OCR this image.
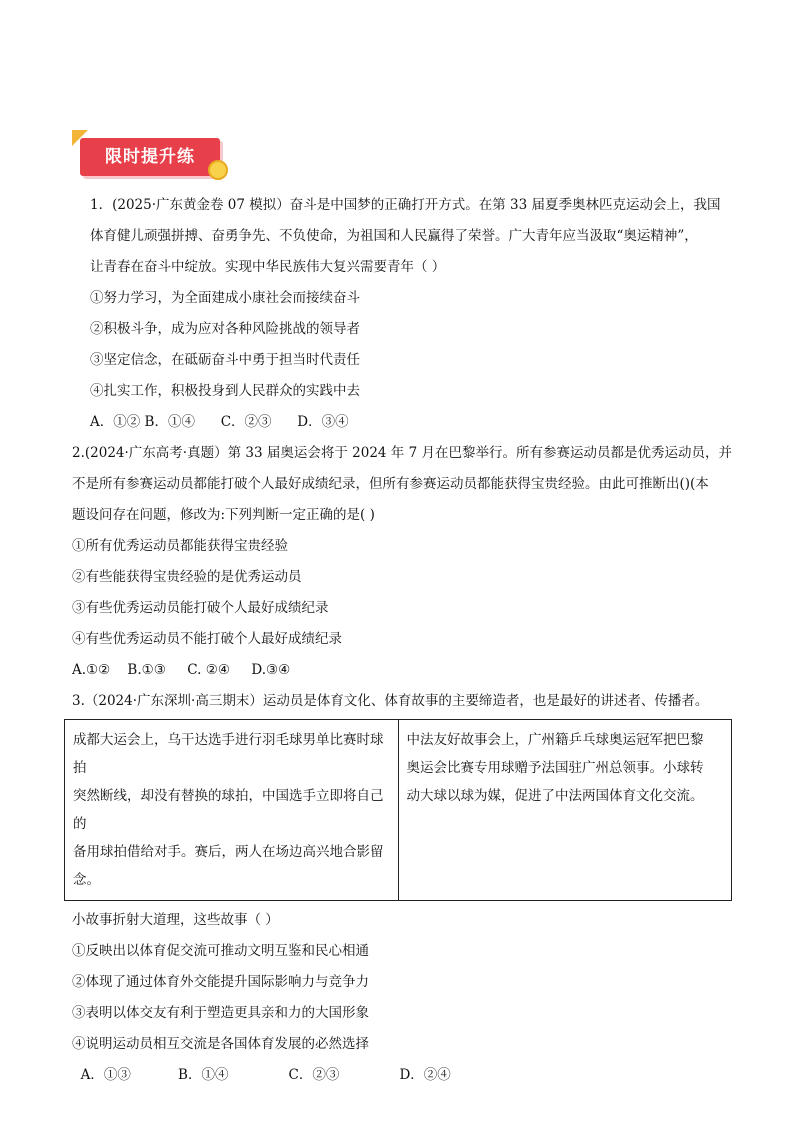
限时提升练
1．(2025·广东黄金卷 07 模拟）奋斗是中国梦的正确打开方式。在第 33 届夏季奥林匹克运动会上，我国
体育健儿顽强拼搏、奋勇争先、不负使命，为祖国和人民赢得了荣誉。广大青年应当汲取“奥运精神”，
让青春在奋斗中绽放。实现中华民族伟大复兴需要青年（ ）
①努力学习，为全面建成小康社会而接续奋斗
②积极斗争，成为应对各种风险挑战的领导者
③坚定信念，在砥砺奋斗中勇于担当时代责任
④扎实工作，积极投身到人民群众的实践中去
A．①② B．①④      C．②③      D．③④
2.(2024·广东高考·真题）第 33 届奥运会将于 2024 年 7 月在巴黎举行。所有参赛运动员都是优秀运动员，并
不是所有参赛运动员都能打破个人最好成绩纪录，但所有参赛运动员都能获得宝贵经验。由此可推断出()(本
题设问存在问题，修改为:下列判断一定正确的是( )
①所有优秀运动员都能获得宝贵经验
②有些能获得宝贵经验的是优秀运动员
③有些优秀运动员能打破个人最好成绩纪录
④有些优秀运动员不能打破个人最好成绩纪录
A.①②    B.①③     C. ②④     D.③④
3.（2024·广东深圳·高三期末）运动员是体育文化、体育故事的主要缔造者，也是最好的讲述者、传播者。
成都大运会上，乌干达选手进行羽毛球男单比赛时球拍
突然断线，却没有替换的球拍，中国选手立即将自己的
备用球拍借给对手。赛后，两人在场边高兴地合影留念。

中法友好故事会上，广州籍乒乓球奥运冠军把巴黎
奥运会比赛专用球赠予法国驻广州总领事。小球转
动大球以球为媒，促进了中法两国体育文化交流。
小故事折射大道理，这些故事（ ）
①反映出以体育促交流可推动文明互鉴和民心相通
②体现了通过体育外交能提升国际影响力与竞争力
③表明以体交友有利于塑造更具亲和力的大国形象
④说明运动员相互交流是各国体育发展的必然选择
A．①③           B．①④              C．②③              D．②④
